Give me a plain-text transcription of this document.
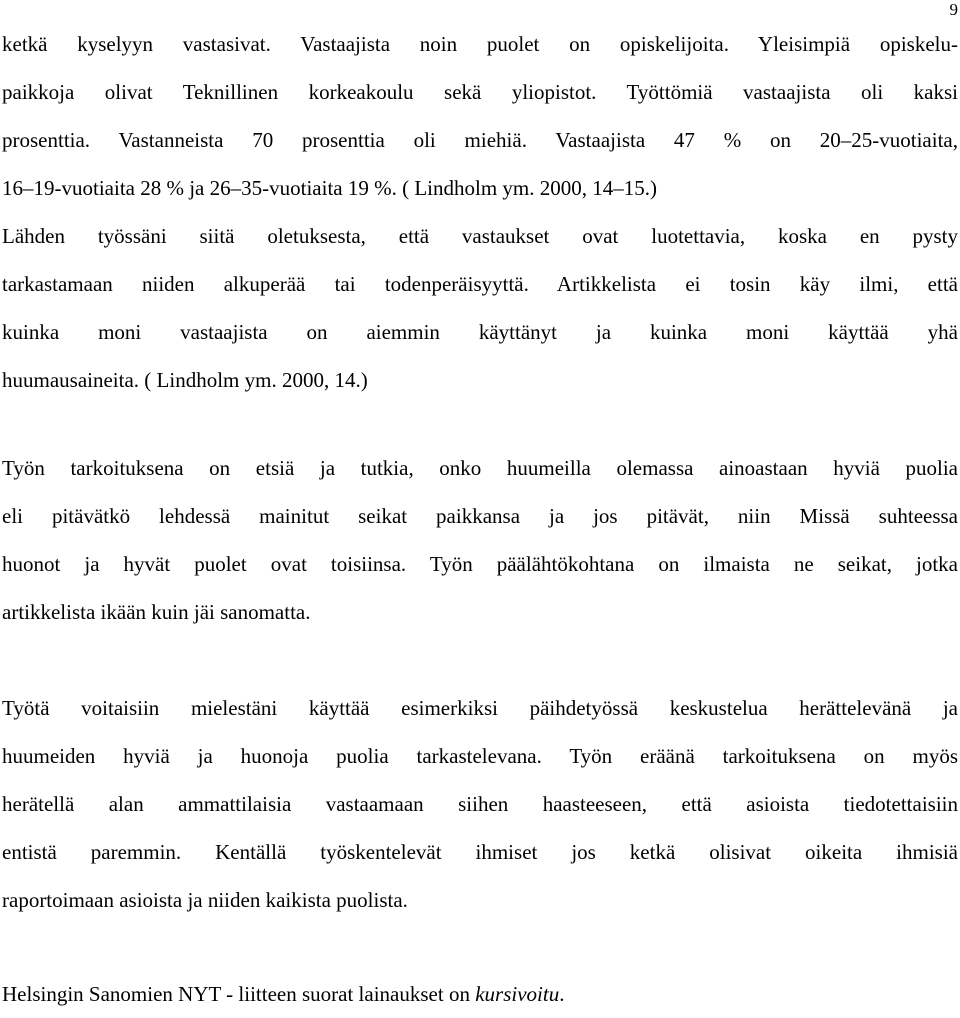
9
ketkä kyselyyn vastasivat. Vastaajista noin puolet on opiskelijoita. Yleisimpiä opiskelu-
paikkoja olivat Teknillinen korkeakoulu sekä yliopistot. Työttömiä vastaajista oli kaksi
prosenttia. Vastanneista 70 prosenttia oli miehiä. Vastaajista 47 % on 20–25-vuotiaita,
16–19-vuotiaita 28 % ja 26–35-vuotiaita 19 %. ( Lindholm ym. 2000, 14–15.)
Lähden työssäni siitä oletuksesta, että vastaukset ovat luotettavia, koska en pysty
tarkastamaan niiden alkuperää tai todenperäisyyttä. Artikkelista ei tosin käy ilmi, että
kuinka moni vastaajista on aiemmin käyttänyt ja kuinka moni käyttää yhä
huumausaineita. ( Lindholm ym. 2000, 14.)
Työn tarkoituksena on etsiä ja tutkia, onko huumeilla olemassa ainoastaan hyviä puolia
eli pitävätkö lehdessä mainitut seikat paikkansa ja jos pitävät, niin Missä suhteessa
huonot ja hyvät puolet ovat toisiinsa. Työn päälähtökohtana on ilmaista ne seikat, jotka
artikkelista ikään kuin jäi sanomatta.
Työtä voitaisiin mielestäni käyttää esimerkiksi päihdetyössä keskustelua herättelevänä ja
huumeiden hyviä ja huonoja puolia tarkastelevana. Työn eräänä tarkoituksena on myös
herätellä alan ammattilaisia vastaamaan siihen haasteeseen, että asioista tiedotettaisiin
entistä paremmin. Kentällä työskentelevät ihmiset jos ketkä olisivat oikeita ihmisiä
raportoimaan asioista ja niiden kaikista puolista.
Helsingin Sanomien NYT - liitteen suorat lainaukset on kursivoitu.
